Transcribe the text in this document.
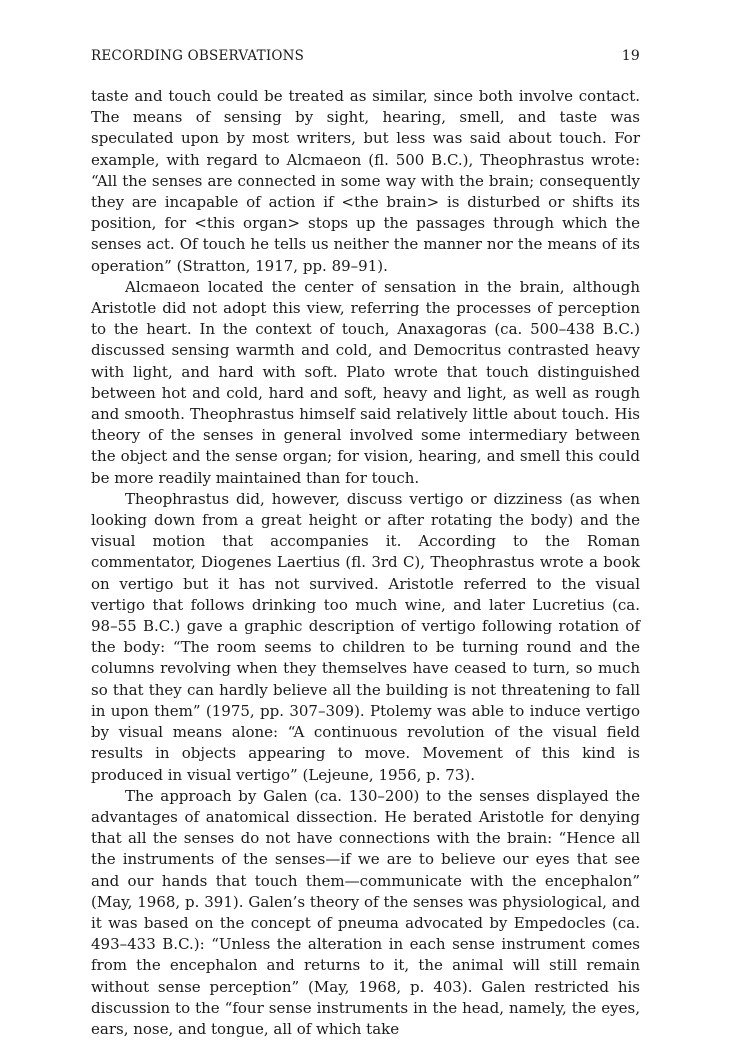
RECORDING OBSERVATIONS	19

taste and touch could be treated as similar, since both involve contact. The means of sensing by sight, hearing, smell, and taste was speculated upon by most writers, but less was said about touch. For example, with regard to Alcmaeon (fl. 500 B.C.), Theophrastus wrote: “All the senses are connected in some way with the brain; consequently they are incapable of action if <the brain> is disturbed or shifts its position, for <this organ> stops up the passages through which the senses act. Of touch he tells us neither the manner nor the means of its operation” (Stratton, 1917, pp. 89–91).

Alcmaeon located the center of sensation in the brain, although Aristotle did not adopt this view, referring the processes of perception to the heart. In the context of touch, Anaxagoras (ca. 500–438 B.C.) discussed sensing warmth and cold, and Democritus contrasted heavy with light, and hard with soft. Plato wrote that touch distinguished between hot and cold, hard and soft, heavy and light, as well as rough and smooth. Theophrastus himself said relatively little about touch. His theory of the senses in general involved some intermediary between the object and the sense organ; for vision, hearing, and smell this could be more readily maintained than for touch.

Theophrastus did, however, discuss vertigo or dizziness (as when looking down from a great height or after rotating the body) and the visual motion that accompanies it. According to the Roman commentator, Diogenes Laertius (fl. 3rd C), Theophrastus wrote a book on vertigo but it has not survived. Aristotle referred to the visual vertigo that follows drinking too much wine, and later Lucretius (ca. 98–55 B.C.) gave a graphic description of vertigo following rotation of the body: “The room seems to children to be turning round and the columns revolving when they themselves have ceased to turn, so much so that they can hardly believe all the building is not threatening to fall in upon them” (1975, pp. 307–309). Ptolemy was able to induce vertigo by visual means alone: “A continuous revolution of the visual field results in objects appearing to move. Movement of this kind is produced in visual vertigo” (Lejeune, 1956, p. 73).

The approach by Galen (ca. 130–200) to the senses displayed the advantages of anatomical dissection. He berated Aristotle for denying that all the senses do not have connections with the brain: “Hence all the instruments of the senses—if we are to believe our eyes that see and our hands that touch them—communicate with the encephalon” (May, 1968, p. 391). Galen’s theory of the senses was physiological, and it was based on the concept of pneuma advocated by Empedocles (ca. 493–433 B.C.): “Unless the alteration in each sense instrument comes from the encephalon and returns to it, the animal will still remain without sense perception” (May, 1968, p. 403). Galen restricted his discussion to the “four sense instruments in the head, namely, the eyes, ears, nose, and tongue, all of which take
